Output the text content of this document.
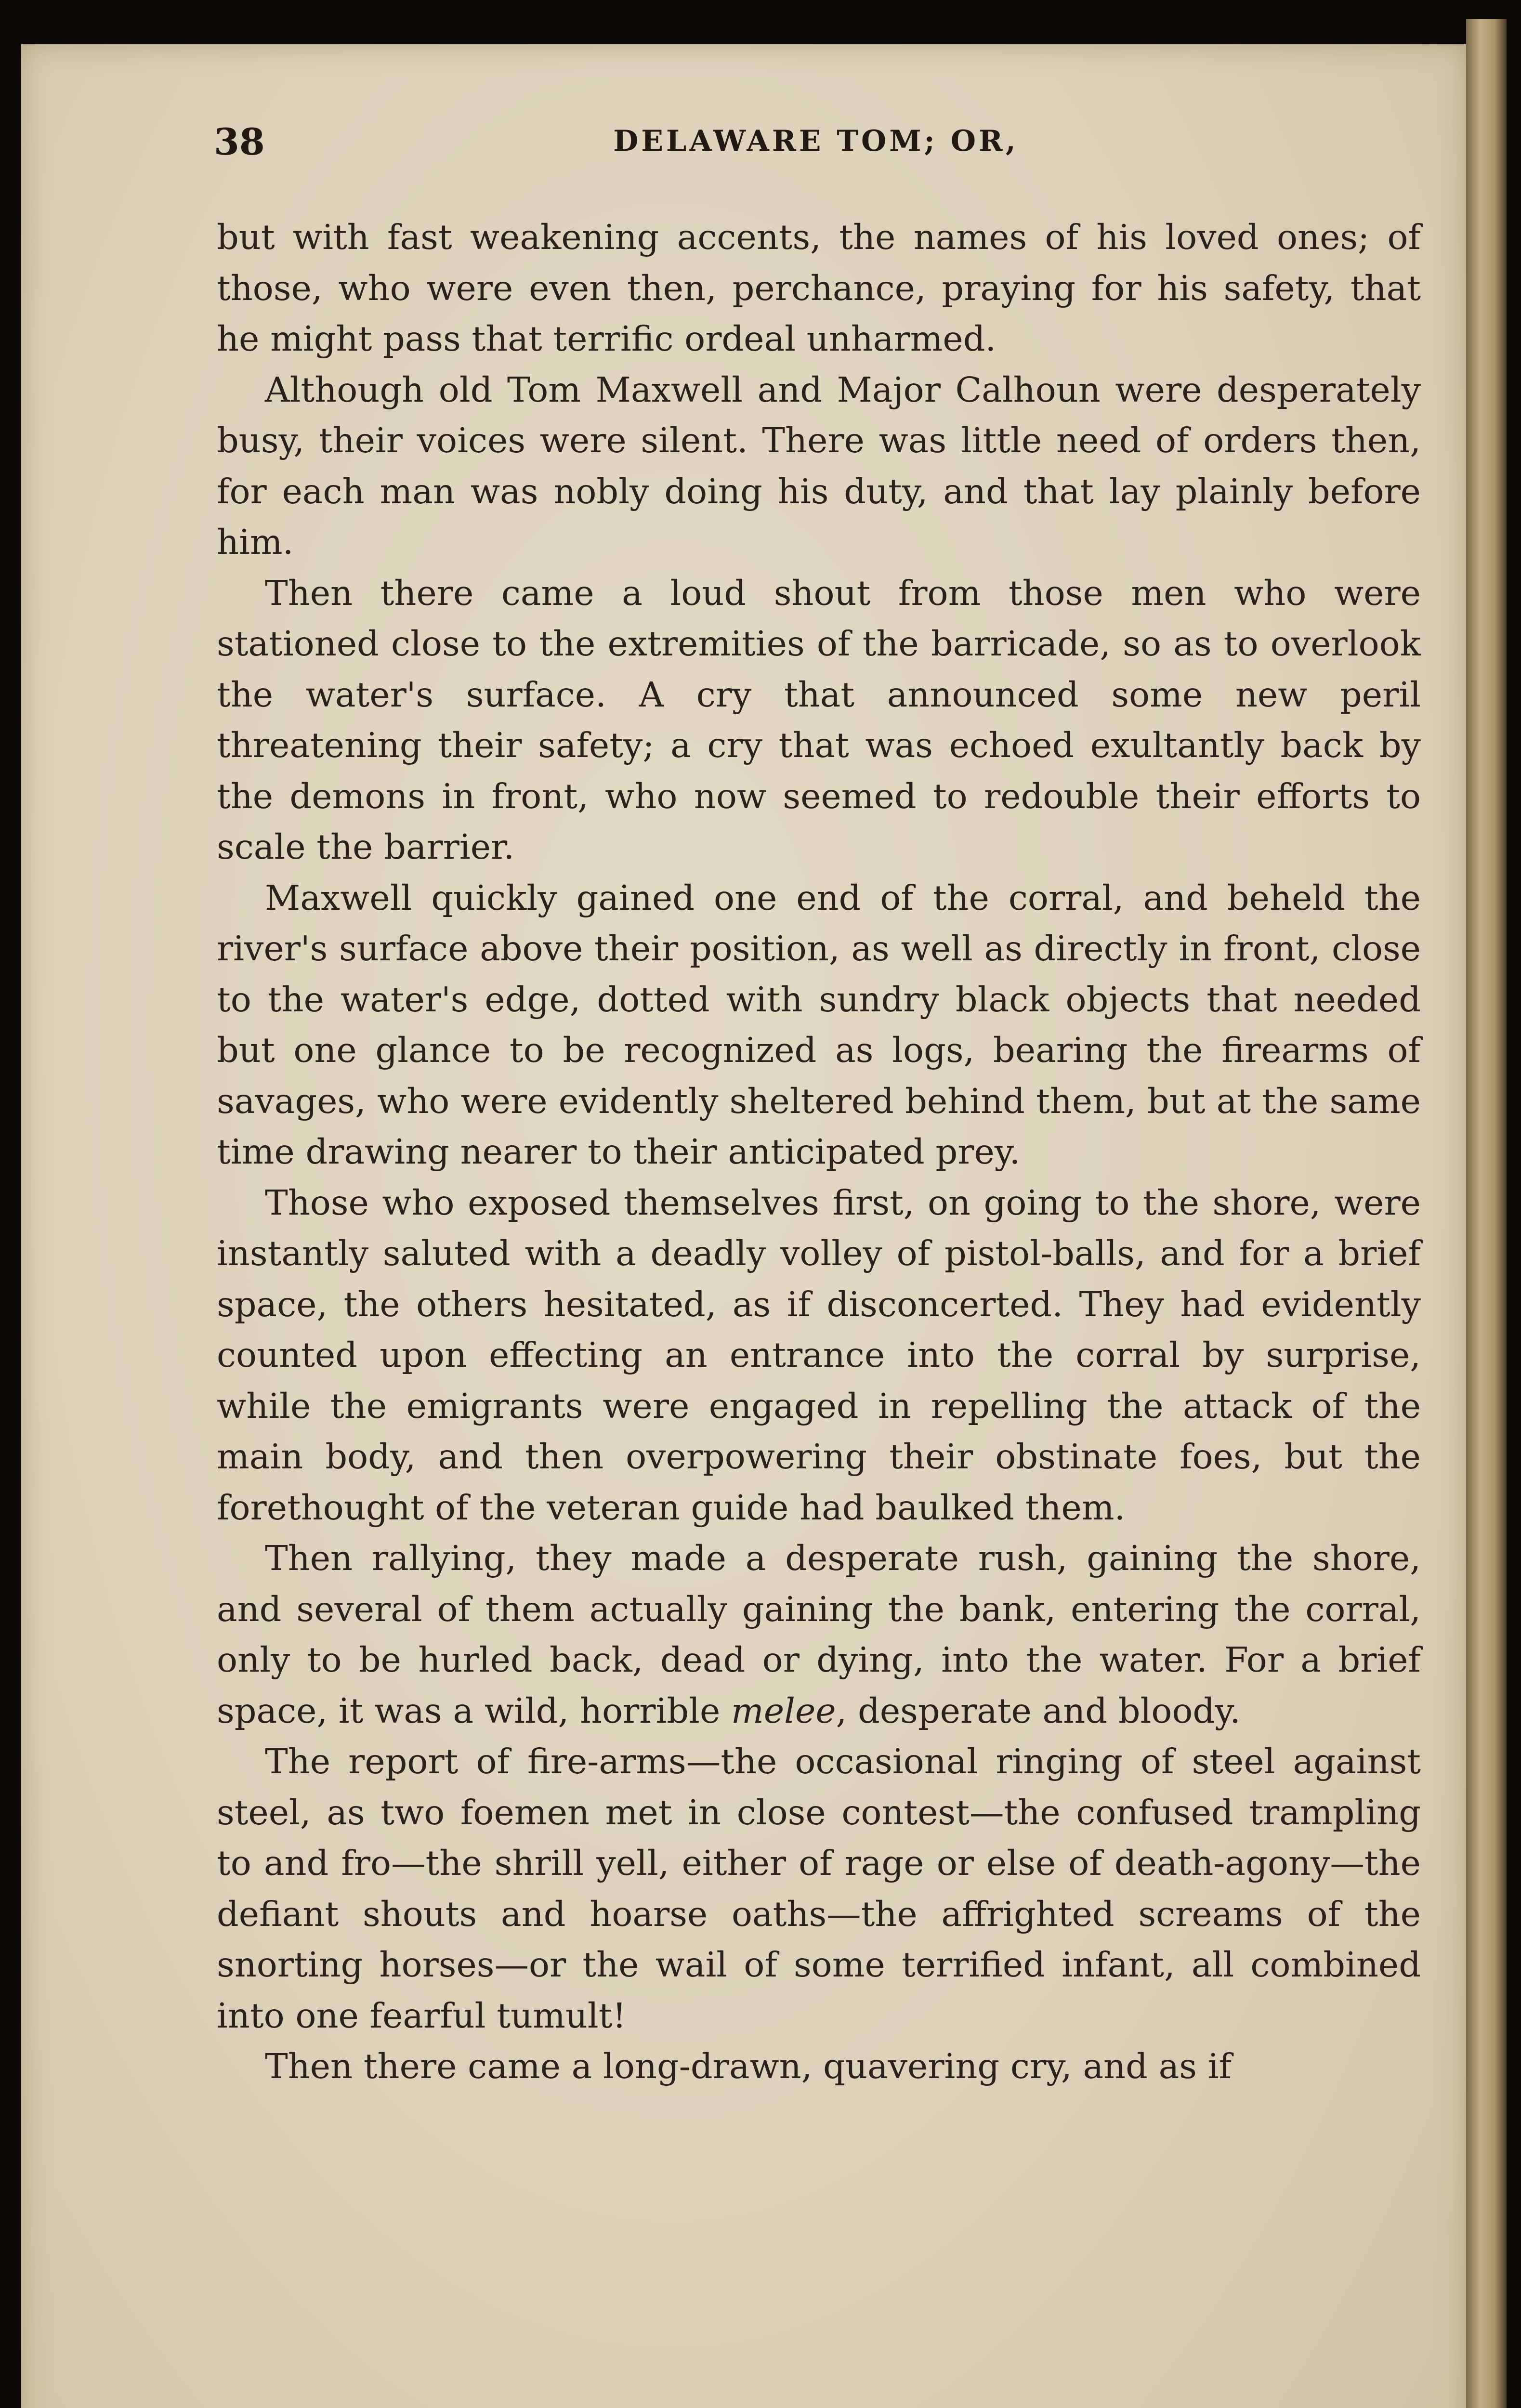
38	DELAWARE TOM; OR,

but with fast weakening accents, the names of his loved ones; of those, who were even then, perchance, praying for his safety, that he might pass that terrific ordeal unharmed.

Although old Tom Maxwell and Major Calhoun were desperately busy, their voices were silent. There was little need of orders then, for each man was nobly doing his duty, and that lay plainly before him.

Then there came a loud shout from those men who were stationed close to the extremities of the barricade, so as to overlook the water's surface. A cry that announced some new peril threatening their safety; a cry that was echoed exultantly back by the demons in front, who now seemed to redouble their efforts to scale the barrier.

Maxwell quickly gained one end of the corral, and beheld the river's surface above their position, as well as directly in front, close to the water's edge, dotted with sundry black objects that needed but one glance to be recognized as logs, bearing the firearms of savages, who were evidently sheltered behind them, but at the same time drawing nearer to their anticipated prey.

Those who exposed themselves first, on going to the shore, were instantly saluted with a deadly volley of pistol-balls, and for a brief space, the others hesitated, as if disconcerted. They had evidently counted upon effecting an entrance into the corral by surprise, while the emigrants were engaged in repelling the attack of the main body, and then overpowering their obstinate foes, but the forethought of the veteran guide had baulked them.

Then rallying, they made a desperate rush, gaining the shore, and several of them actually gaining the bank, entering the corral, only to be hurled back, dead or dying, into the water. For a brief space, it was a wild, horrible melee, desperate and bloody.

The report of fire-arms—the occasional ringing of steel against steel, as two foemen met in close contest—the confused trampling to and fro—the shrill yell, either of rage or else of death-agony—the defiant shouts and hoarse oaths—the affrighted screams of the snorting horses—or the wail of some terrified infant, all combined into one fearful tumult!

Then there came a long-drawn, quavering cry, and as if
